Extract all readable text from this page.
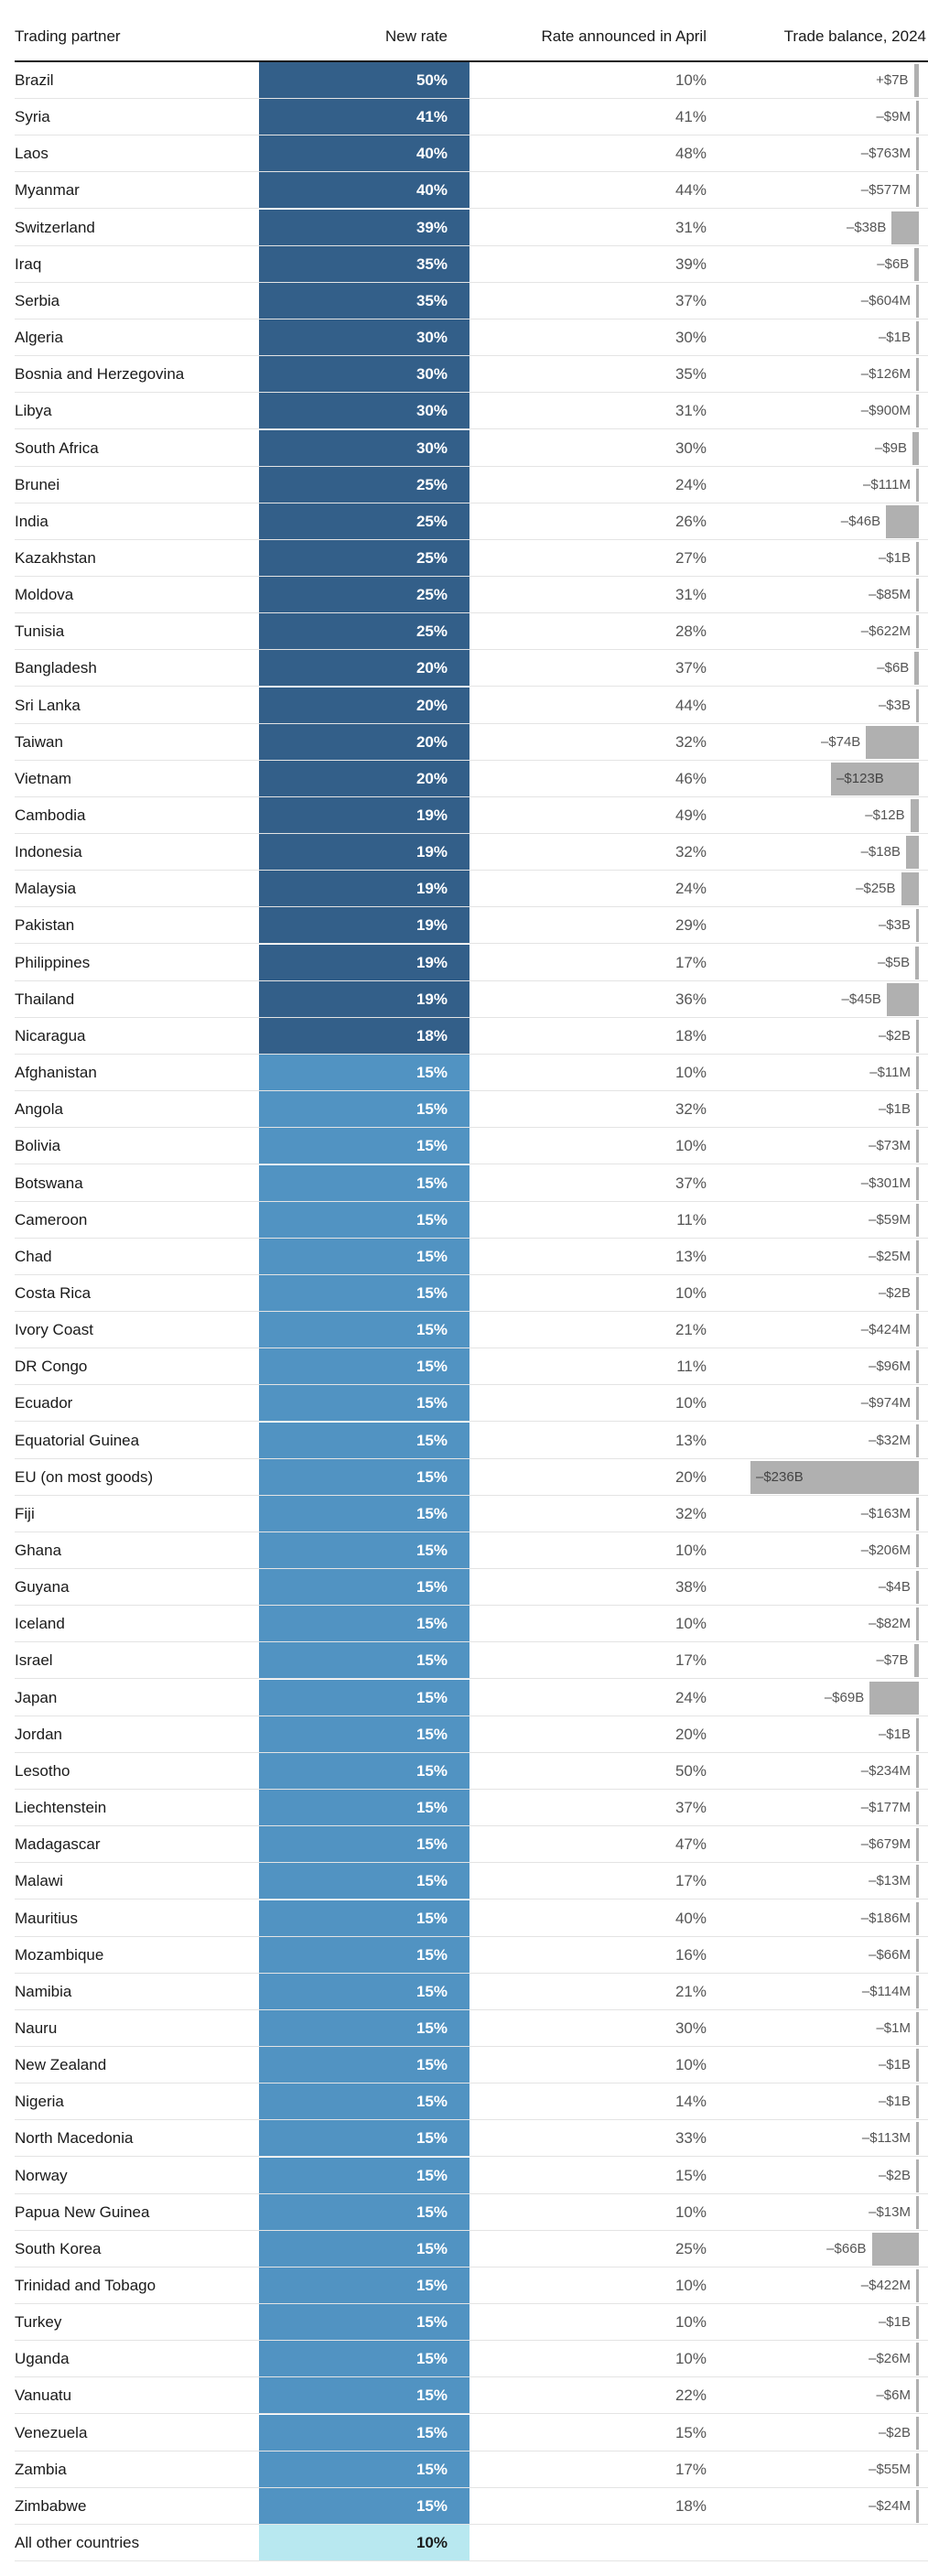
Trading partner	New rate	Rate announced in April	Trade balance, 2024
Brazil	50%	10%	+$7B
Syria	41%	41%	–$9M
Laos	40%	48%	–$763M
Myanmar	40%	44%	–$577M
Switzerland	39%	31%	–$38B
Iraq	35%	39%	–$6B
Serbia	35%	37%	–$604M
Algeria	30%	30%	–$1B
Bosnia and Herzegovina	30%	35%	–$126M
Libya	30%	31%	–$900M
South Africa	30%	30%	–$9B
Brunei	25%	24%	–$111M
India	25%	26%	–$46B
Kazakhstan	25%	27%	–$1B
Moldova	25%	31%	–$85M
Tunisia	25%	28%	–$622M
Bangladesh	20%	37%	–$6B
Sri Lanka	20%	44%	–$3B
Taiwan	20%	32%	–$74B
Vietnam	20%	46%	–$123B
Cambodia	19%	49%	–$12B
Indonesia	19%	32%	–$18B
Malaysia	19%	24%	–$25B
Pakistan	19%	29%	–$3B
Philippines	19%	17%	–$5B
Thailand	19%	36%	–$45B
Nicaragua	18%	18%	–$2B
Afghanistan	15%	10%	–$11M
Angola	15%	32%	–$1B
Bolivia	15%	10%	–$73M
Botswana	15%	37%	–$301M
Cameroon	15%	11%	–$59M
Chad	15%	13%	–$25M
Costa Rica	15%	10%	–$2B
Ivory Coast	15%	21%	–$424M
DR Congo	15%	11%	–$96M
Ecuador	15%	10%	–$974M
Equatorial Guinea	15%	13%	–$32M
EU (on most goods)	15%	20%	–$236B
Fiji	15%	32%	–$163M
Ghana	15%	10%	–$206M
Guyana	15%	38%	–$4B
Iceland	15%	10%	–$82M
Israel	15%	17%	–$7B
Japan	15%	24%	–$69B
Jordan	15%	20%	–$1B
Lesotho	15%	50%	–$234M
Liechtenstein	15%	37%	–$177M
Madagascar	15%	47%	–$679M
Malawi	15%	17%	–$13M
Mauritius	15%	40%	–$186M
Mozambique	15%	16%	–$66M
Namibia	15%	21%	–$114M
Nauru	15%	30%	–$1M
New Zealand	15%	10%	–$1B
Nigeria	15%	14%	–$1B
North Macedonia	15%	33%	–$113M
Norway	15%	15%	–$2B
Papua New Guinea	15%	10%	–$13M
South Korea	15%	25%	–$66B
Trinidad and Tobago	15%	10%	–$422M
Turkey	15%	10%	–$1B
Uganda	15%	10%	–$26M
Vanuatu	15%	22%	–$6M
Venezuela	15%	15%	–$2B
Zambia	15%	17%	–$55M
Zimbabwe	15%	18%	–$24M
All other countries	10%
